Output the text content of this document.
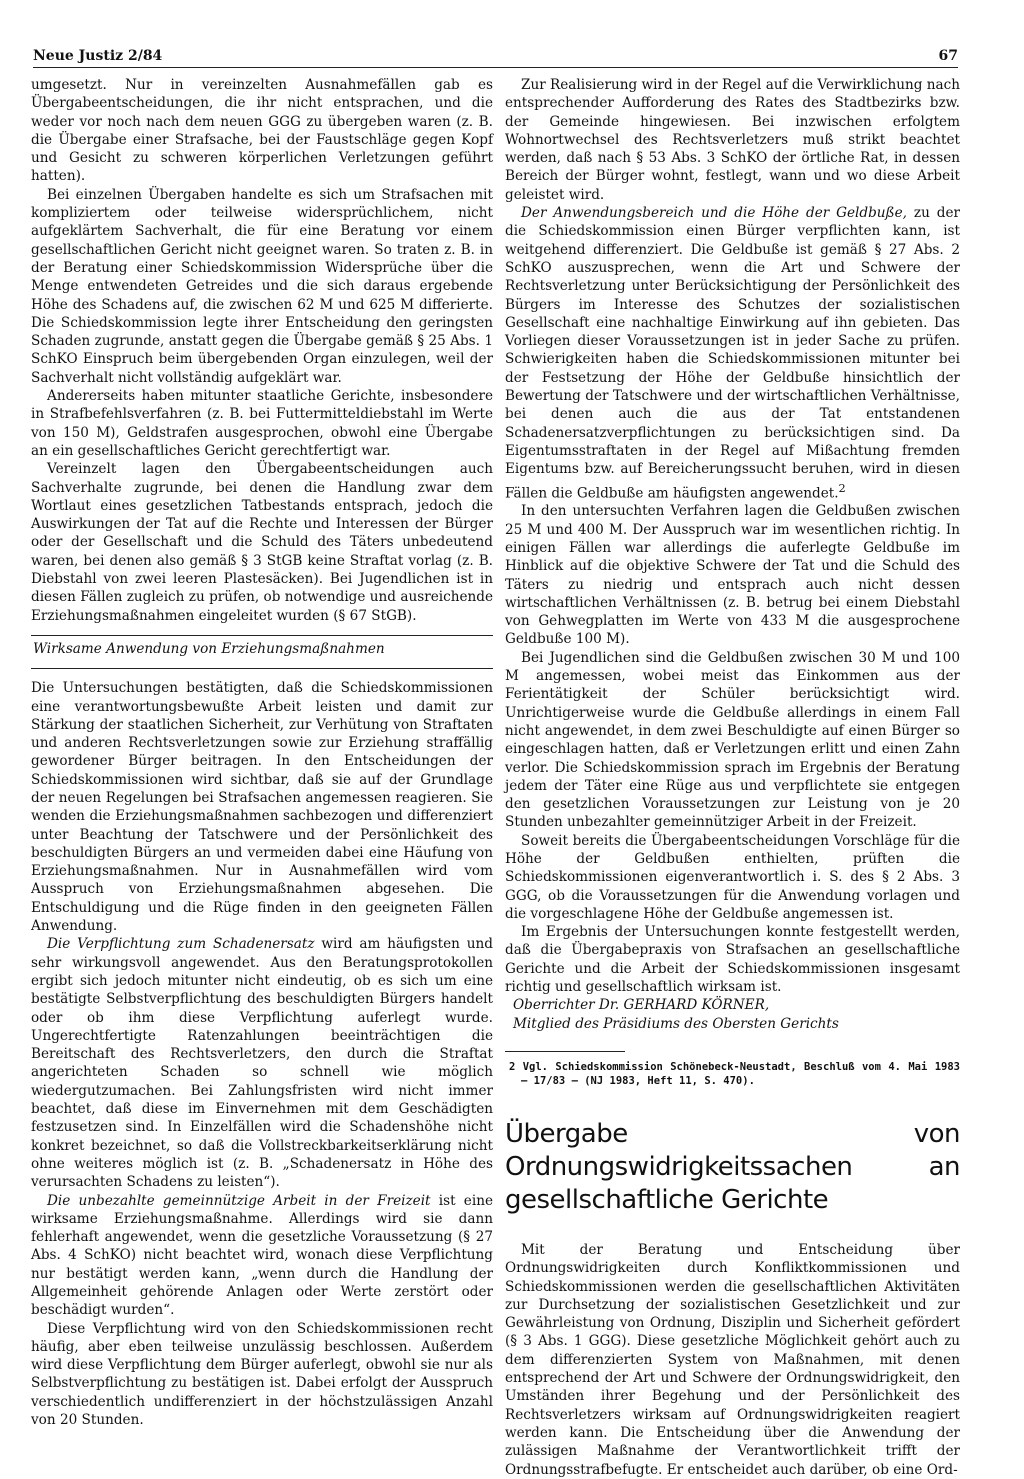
Neue Justiz 2/84	67

umgesetzt. Nur in vereinzelten Ausnahmefällen gab es Übergabeentscheidungen, die ihr nicht entsprachen, und die weder vor noch nach dem neuen GGG zu übergeben waren (z. B. die Übergabe einer Strafsache, bei der Faustschläge gegen Kopf und Gesicht zu schweren körperlichen Verletzungen geführt hatten).

Bei einzelnen Übergaben handelte es sich um Strafsachen mit kompliziertem oder teilweise widersprüchlichem, nicht aufgeklärtem Sachverhalt, die für eine Beratung vor einem gesellschaftlichen Gericht nicht geeignet waren. So traten z. B. in der Beratung einer Schiedskommission Widersprüche über die Menge entwendeten Getreides und die sich daraus ergebende Höhe des Schadens auf, die zwischen 62 M und 625 M differierte. Die Schiedskommission legte ihrer Entscheidung den geringsten Schaden zugrunde, anstatt gegen die Übergabe gemäß § 25 Abs. 1 SchKO Einspruch beim übergebenden Organ einzulegen, weil der Sachverhalt nicht vollständig aufgeklärt war.

Andererseits haben mitunter staatliche Gerichte, insbesondere in Strafbefehlsverfahren (z. B. bei Futtermitteldiebstahl im Werte von 150 M), Geldstrafen ausgesprochen, obwohl eine Übergabe an ein gesellschaftliches Gericht gerechtfertigt war.

Vereinzelt lagen den Übergabeentscheidungen auch Sachverhalte zugrunde, bei denen die Handlung zwar dem Wortlaut eines gesetzlichen Tatbestands entsprach, jedoch die Auswirkungen der Tat auf die Rechte und Interessen der Bürger oder der Gesellschaft und die Schuld des Täters unbedeutend waren, bei denen also gemäß § 3 StGB keine Straftat vorlag (z. B. Diebstahl von zwei leeren Plastesäcken). Bei Jugendlichen ist in diesen Fällen zugleich zu prüfen, ob notwendige und ausreichende Erziehungsmaßnahmen eingeleitet wurden (§ 67 StGB).

Wirksame Anwendung von Erziehungsmaßnahmen

Die Untersuchungen bestätigten, daß die Schiedskommissionen eine verantwortungsbewußte Arbeit leisten und damit zur Stärkung der staatlichen Sicherheit, zur Verhütung von Straftaten und anderen Rechtsverletzungen sowie zur Erziehung straffällig gewordener Bürger beitragen. In den Entscheidungen der Schiedskommissionen wird sichtbar, daß sie auf der Grundlage der neuen Regelungen bei Strafsachen angemessen reagieren. Sie wenden die Erziehungsmaßnahmen sachbezogen und differenziert unter Beachtung der Tatschwere und der Persönlichkeit des beschuldigten Bürgers an und vermeiden dabei eine Häufung von Erziehungsmaßnahmen. Nur in Ausnahmefällen wird vom Ausspruch von Erziehungsmaßnahmen abgesehen. Die Entschuldigung und die Rüge finden in den geeigneten Fällen Anwendung.

Die Verpflichtung zum Schadenersatz wird am häufigsten und sehr wirkungsvoll angewendet. Aus den Beratungsprotokollen ergibt sich jedoch mitunter nicht eindeutig, ob es sich um eine bestätigte Selbstverpflichtung des beschuldigten Bürgers handelt oder ob ihm diese Verpflichtung auferlegt wurde. Ungerechtfertigte Ratenzahlungen beeinträchtigen die Bereitschaft des Rechtsverletzers, den durch die Straftat angerichteten Schaden so schnell wie möglich wiedergutzumachen. Bei Zahlungsfristen wird nicht immer beachtet, daß diese im Einvernehmen mit dem Geschädigten festzusetzen sind. In Einzelfällen wird die Schadenshöhe nicht konkret bezeichnet, so daß die Vollstreckbarkeitserklärung nicht ohne weiteres möglich ist (z. B. „Schadenersatz in Höhe des verursachten Schadens zu leisten“).

Die unbezahlte gemeinnützige Arbeit in der Freizeit ist eine wirksame Erziehungsmaßnahme. Allerdings wird sie dann fehlerhaft angewendet, wenn die gesetzliche Voraussetzung (§ 27 Abs. 4 SchKO) nicht beachtet wird, wonach diese Verpflichtung nur bestätigt werden kann, „wenn durch die Handlung der Allgemeinheit gehörende Anlagen oder Werte zerstört oder beschädigt wurden“.

Diese Verpflichtung wird von den Schiedskommissionen recht häufig, aber eben teilweise unzulässig beschlossen. Außerdem wird diese Verpflichtung dem Bürger auferlegt, obwohl sie nur als Selbstverpflichtung zu bestätigen ist. Dabei erfolgt der Ausspruch verschiedentlich undifferenziert in der höchstzulässigen Anzahl von 20 Stunden.

Zur Realisierung wird in der Regel auf die Verwirklichung nach entsprechender Aufforderung des Rates des Stadtbezirks bzw. der Gemeinde hingewiesen. Bei inzwischen erfolgtem Wohnortwechsel des Rechtsverletzers muß strikt beachtet werden, daß nach § 53 Abs. 3 SchKO der örtliche Rat, in dessen Bereich der Bürger wohnt, festlegt, wann und wo diese Arbeit geleistet wird.

Der Anwendungsbereich und die Höhe der Geldbuße, zu der die Schiedskommission einen Bürger verpflichten kann, ist weitgehend differenziert. Die Geldbuße ist gemäß § 27 Abs. 2 SchKO auszusprechen, wenn die Art und Schwere der Rechtsverletzung unter Berücksichtigung der Persönlichkeit des Bürgers im Interesse des Schutzes der sozialistischen Gesellschaft eine nachhaltige Einwirkung auf ihn gebieten. Das Vorliegen dieser Voraussetzungen ist in jeder Sache zu prüfen. Schwierigkeiten haben die Schiedskommissionen mitunter bei der Festsetzung der Höhe der Geldbuße hinsichtlich der Bewertung der Tatschwere und der wirtschaftlichen Verhältnisse, bei denen auch die aus der Tat entstandenen Schadenersatzverpflichtungen zu berücksichtigen sind. Da Eigentumsstraftaten in der Regel auf Mißachtung fremden Eigentums bzw. auf Bereicherungssucht beruhen, wird in diesen Fällen die Geldbuße am häufigsten angewendet.$^2$

In den untersuchten Verfahren lagen die Geldbußen zwischen 25 M und 400 M. Der Ausspruch war im wesentlichen richtig. In einigen Fällen war allerdings die auferlegte Geldbuße im Hinblick auf die objektive Schwere der Tat und die Schuld des Täters zu niedrig und entsprach auch nicht dessen wirtschaftlichen Verhältnissen (z. B. betrug bei einem Diebstahl von Gehwegplatten im Werte von 433 M die ausgesprochene Geldbuße 100 M).

Bei Jugendlichen sind die Geldbußen zwischen 30 M und 100 M angemessen, wobei meist das Einkommen aus der Ferientätigkeit der Schüler berücksichtigt wird. Unrichtigerweise wurde die Geldbuße allerdings in einem Fall nicht angewendet, in dem zwei Beschuldigte auf einen Bürger so eingeschlagen hatten, daß er Verletzungen erlitt und einen Zahn verlor. Die Schiedskommission sprach im Ergebnis der Beratung jedem der Täter eine Rüge aus und verpflichtete sie entgegen den gesetzlichen Voraussetzungen zur Leistung von je 20 Stunden unbezahlter gemeinnütziger Arbeit in der Freizeit.

Soweit bereits die Übergabeentscheidungen Vorschläge für die Höhe der Geldbußen enthielten, prüften die Schiedskommissionen eigenverantwortlich i. S. des § 2 Abs. 3 GGG, ob die Voraussetzungen für die Anwendung vorlagen und die vorgeschlagene Höhe der Geldbuße angemessen ist.

Im Ergebnis der Untersuchungen konnte festgestellt werden, daß die Übergabepraxis von Strafsachen an gesellschaftliche Gerichte und die Arbeit der Schiedskommissionen insgesamt richtig und gesellschaftlich wirksam ist.

Oberrichter Dr. GERHARD KÖRNER,
Mitglied des Präsidiums des Obersten Gerichts

2 Vgl. Schiedskommission Schönebeck-Neustadt, Beschluß vom 4. Mai 1983 — 17/83 — (NJ 1983, Heft 11, S. 470).
Übergabe von Ordnungswidrigkeitssachen an gesellschaftliche Gerichte

Mit der Beratung und Entscheidung über Ordnungswidrigkeiten durch Konfliktkommissionen und Schiedskommissionen werden die gesellschaftlichen Aktivitäten zur Durchsetzung der sozialistischen Gesetzlichkeit und zur Gewährleistung von Ordnung, Disziplin und Sicherheit gefördert (§ 3 Abs. 1 GGG). Diese gesetzliche Möglichkeit gehört auch zu dem differenzierten System von Maßnahmen, mit denen entsprechend der Art und Schwere der Ordnungswidrigkeit, den Umständen ihrer Begehung und der Persönlichkeit des Rechtsverletzers wirksam auf Ordnungswidrigkeiten reagiert werden kann. Die Entscheidung über die Anwendung der zulässigen Maßnahme der Verantwortlichkeit trifft der Ordnungsstrafbefugte. Er entscheidet auch darüber, ob eine Ord-
